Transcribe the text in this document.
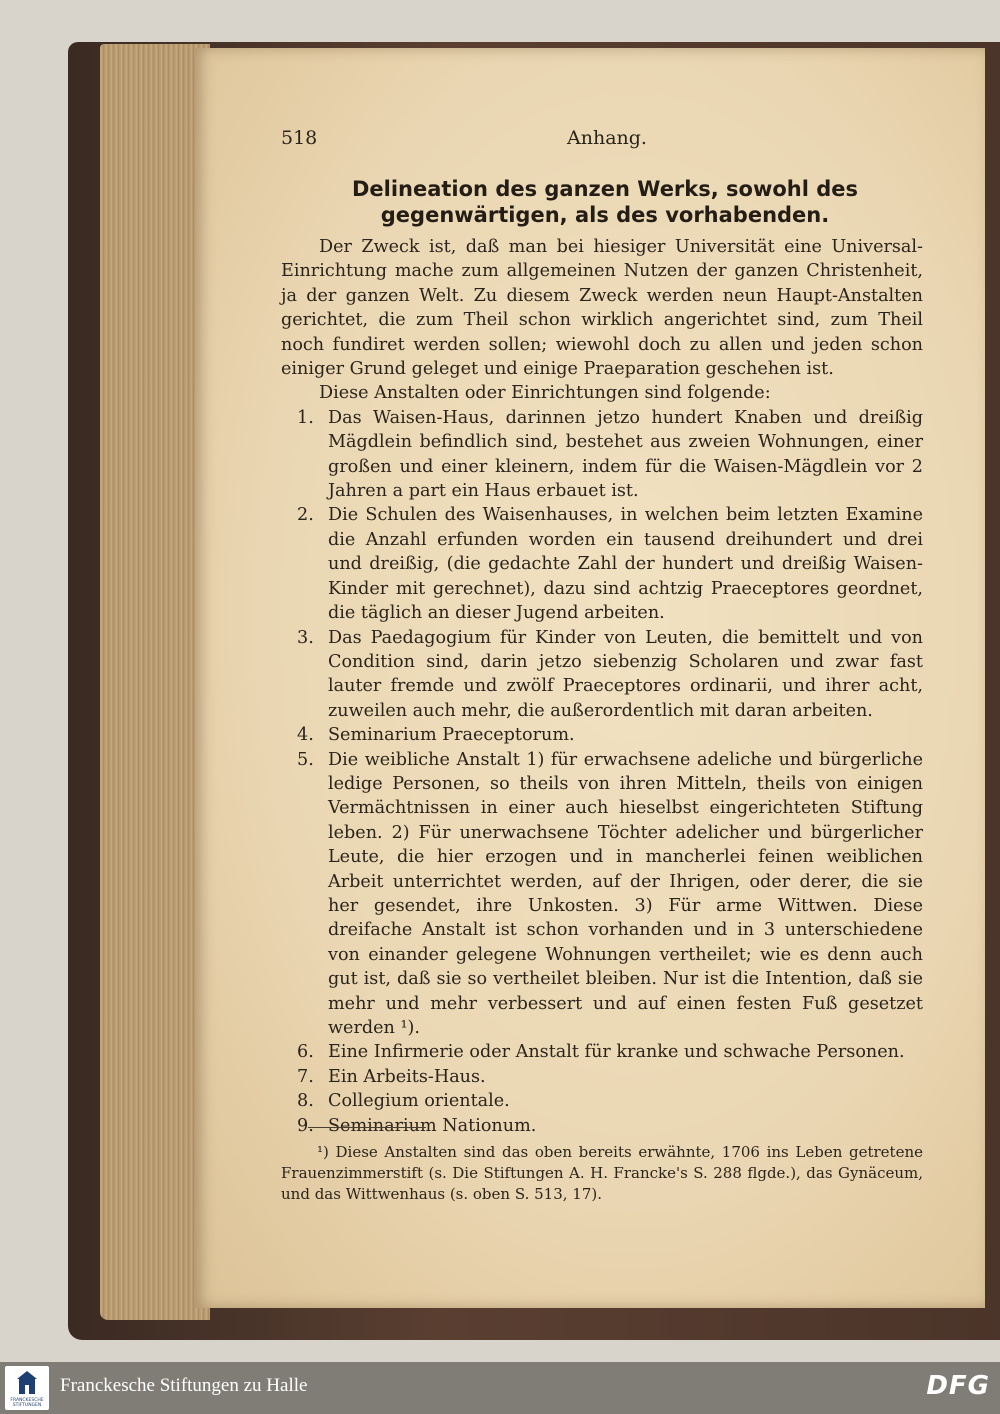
518	Anhang.
Delineation des ganzen Werks, sowohl des gegenwärtigen, als des vorhabenden.

Der Zweck ist, daß man bei hiesiger Universität eine Universal-Einrichtung mache zum allgemeinen Nutzen der ganzen Christenheit, ja der ganzen Welt. Zu diesem Zweck werden neun Haupt-Anstalten gerichtet, die zum Theil schon wirklich angerichtet sind, zum Theil noch fundiret werden sollen; wiewohl doch zu allen und jeden schon einiger Grund geleget und einige Praeparation geschehen ist.

Diese Anstalten oder Einrichtungen sind folgende:

1. Das Waisen-Haus, darinnen jetzo hundert Knaben und dreißig Mägdlein befindlich sind, bestehet aus zweien Wohnungen, einer großen und einer kleinern, indem für die Waisen-Mägdlein vor 2 Jahren a part ein Haus erbauet ist.
2. Die Schulen des Waisenhauses, in welchen beim letzten Examine die Anzahl erfunden worden ein tausend dreihundert und drei und dreißig, (die gedachte Zahl der hundert und dreißig Waisen-Kinder mit gerechnet), dazu sind achtzig Praeceptores geordnet, die täglich an dieser Jugend arbeiten.
3. Das Paedagogium für Kinder von Leuten, die bemittelt und von Condition sind, darin jetzo siebenzig Scholaren und zwar fast lauter fremde und zwölf Praeceptores ordinarii, und ihrer acht, zuweilen auch mehr, die außerordentlich mit daran arbeiten.
4. Seminarium Praeceptorum.
5. Die weibliche Anstalt 1) für erwachsene adeliche und bürgerliche ledige Personen, so theils von ihren Mitteln, theils von einigen Vermächtnissen in einer auch hieselbst eingerichteten Stiftung leben. 2) Für unerwachsene Töchter adelicher und bürgerlicher Leute, die hier erzogen und in mancherlei feinen weiblichen Arbeit unterrichtet werden, auf der Ihrigen, oder derer, die sie her gesendet, ihre Unkosten. 3) Für arme Wittwen. Diese dreifache Anstalt ist schon vorhanden und in 3 unterschiedene von einander gelegene Wohnungen vertheilet; wie es denn auch gut ist, daß sie so vertheilet bleiben. Nur ist die Intention, daß sie mehr und mehr verbessert und auf einen festen Fuß gesetzet werden ¹).
6. Eine Infirmerie oder Anstalt für kranke und schwache Personen.
7. Ein Arbeits-Haus.
8. Collegium orientale.
9. Seminarium Nationum.
¹) Diese Anstalten sind das oben bereits erwähnte, 1706 ins Leben getretene Frauenzimmerstift (s. Die Stiftungen A. H. Francke's S. 288 flgde.), das Gynäceum, und das Wittwenhaus (s. oben S. 513, 17).
FRANCKESCHE STIFTUNGEN
Franckesche Stiftungen zu Halle	DFG
